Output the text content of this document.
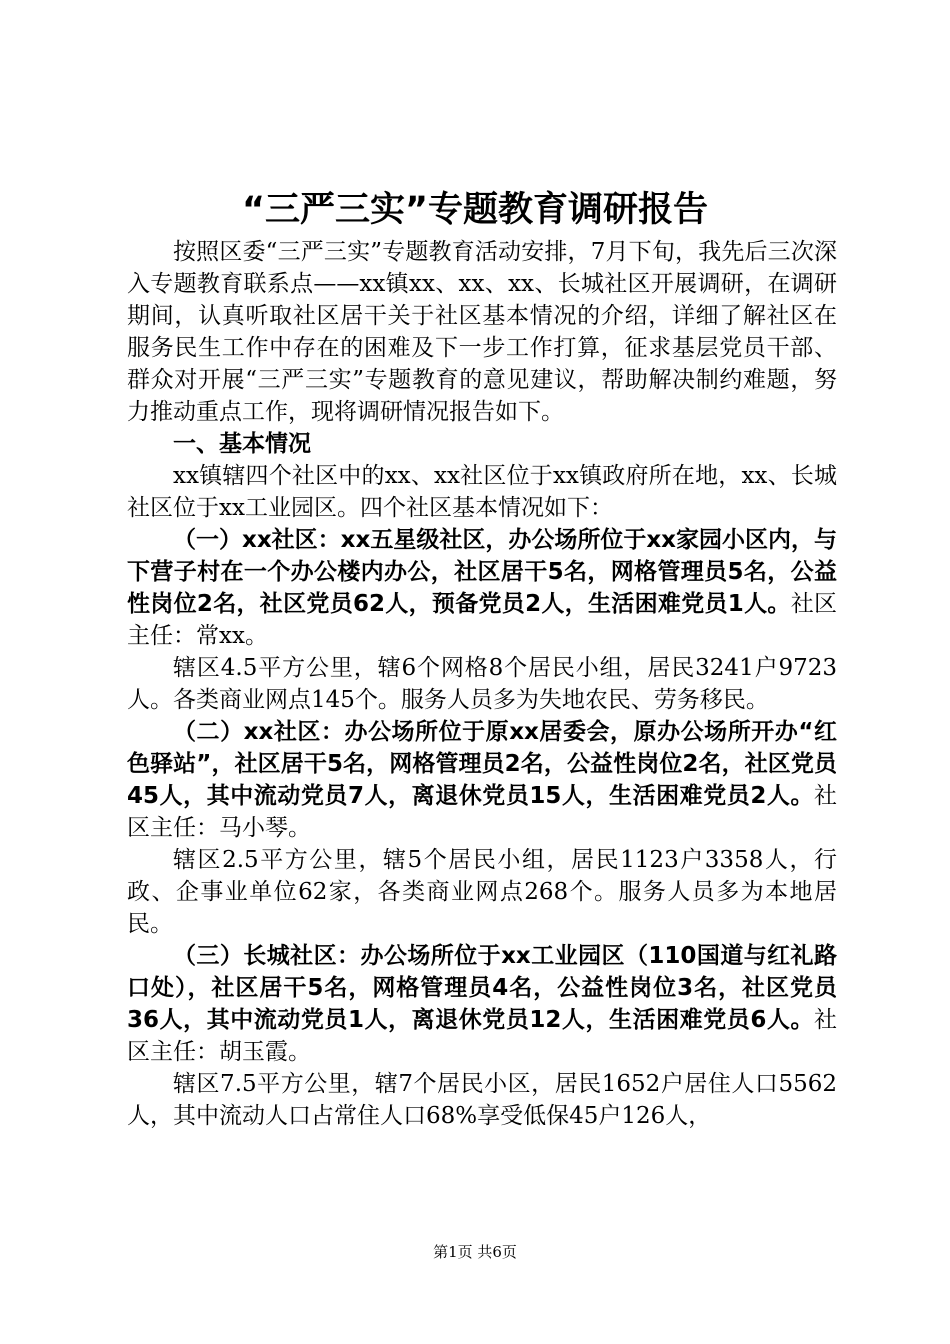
“三严三实”专题教育调研报告

按照区委“三严三实”专题教育活动安排，7月下旬，我先后三次深入专题教育联系点——xx镇xx、xx、xx、长城社区开展调研，在调研期间，认真听取社区居干关于社区基本情况的介绍，详细了解社区在服务民生工作中存在的困难及下一步工作打算，征求基层党员干部、群众对开展“三严三实”专题教育的意见建议，帮助解决制约难题，努力推动重点工作，现将调研情况报告如下。

一、基本情况

xx镇辖四个社区中的xx、xx社区位于xx镇政府所在地，xx、长城社区位于xx工业园区。四个社区基本情况如下：

（一）xx社区：xx五星级社区，办公场所位于xx家园小区内，与下营子村在一个办公楼内办公，社区居干5名，网格管理员5名，公益性岗位2名，社区党员62人，预备党员2人，生活困难党员1人。社区主任：常xx。

辖区4.5平方公里，辖6个网格8个居民小组，居民3241户9723人。各类商业网点145个。服务人员多为失地农民、劳务移民。

（二）xx社区：办公场所位于原xx居委会，原办公场所开办“红色驿站”，社区居干5名，网格管理员2名，公益性岗位2名，社区党员45人，其中流动党员7人，离退休党员15人，生活困难党员2人。社区主任：马小琴。

辖区2.5平方公里，辖5个居民小组，居民1123户3358人，行政、企事业单位62家，各类商业网点268个。服务人员多为本地居民。

（三）长城社区：办公场所位于xx工业园区（110国道与红礼路口处），社区居干5名，网格管理员4名，公益性岗位3名，社区党员36人，其中流动党员1人，离退休党员12人，生活困难党员6人。社区主任：胡玉霞。

辖区7.5平方公里，辖7个居民小区，居民1652户居住人口5562人，其中流动人口占常住人口68%享受低保45户126人，

第1页 共6页
